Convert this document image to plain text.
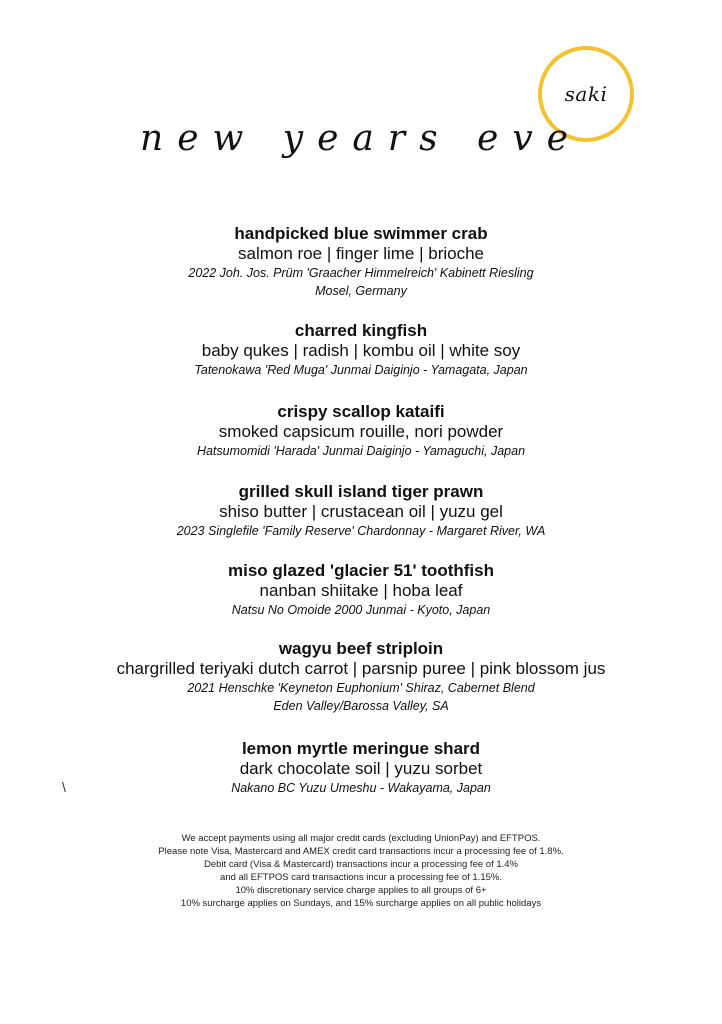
saki
new years eve

handpicked blue swimmer crab

salmon roe | finger lime | brioche

2022 Joh. Jos. Prüm 'Graacher Himmelreich' Kabinett Riesling

Mosel, Germany

charred kingfish

baby qukes | radish | kombu oil | white soy

Tatenokawa 'Red Muga' Junmai Daiginjo - Yamagata, Japan

crispy scallop kataifi

smoked capsicum rouille, nori powder

Hatsumomidi 'Harada' Junmai Daiginjo - Yamaguchi, Japan

grilled skull island tiger prawn

shiso butter | crustacean oil | yuzu gel

2023 Singlefile 'Family Reserve' Chardonnay - Margaret River, WA

miso glazed 'glacier 51' toothfish

nanban shiitake | hoba leaf

Natsu No Omoide 2000 Junmai - Kyoto, Japan

wagyu beef striploin

chargrilled teriyaki dutch carrot | parsnip puree | pink blossom jus

2021 Henschke 'Keyneton Euphonium' Shiraz, Cabernet Blend

Eden Valley/Barossa Valley, SA

lemon myrtle meringue shard

dark chocolate soil | yuzu sorbet

Nakano BC Yuzu Umeshu - Wakayama, Japan

\
We accept payments using all major credit cards (excluding UnionPay) and EFTPOS.
Please note Visa, Mastercard and AMEX credit card transactions incur a processing fee of 1.8%.
Debit card (Visa & Mastercard) transactions incur a processing fee of 1.4%
and all EFTPOS card transactions incur a processing fee of 1.15%.
10% discretionary service charge applies to all groups of 6+
10% surcharge applies on Sundays, and 15% surcharge applies on all public holidays
